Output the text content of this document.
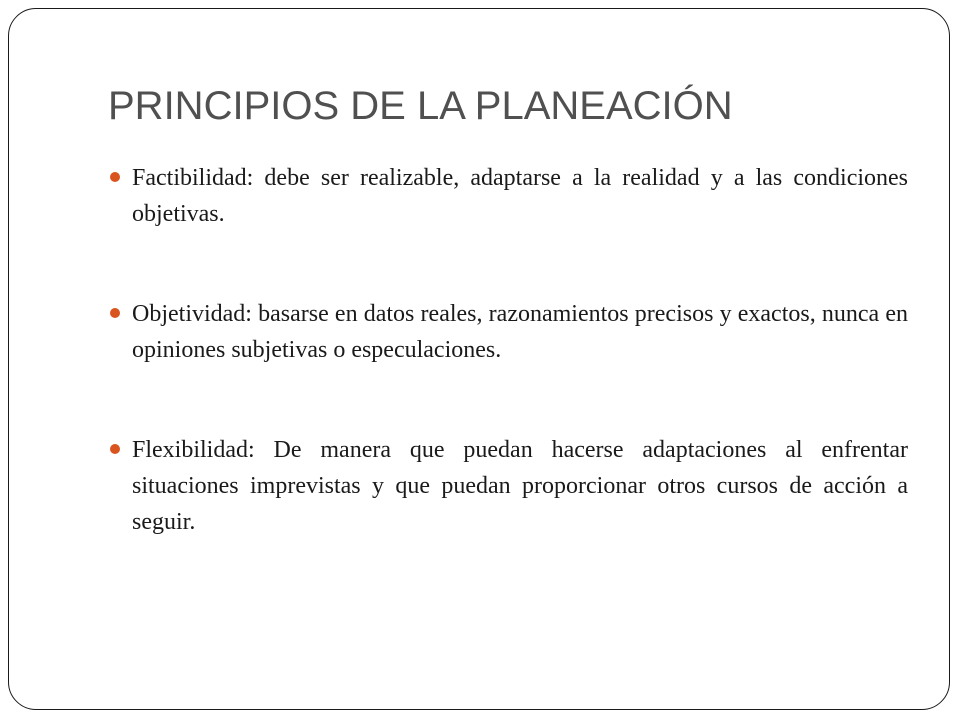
PRINCIPIOS DE LA PLANEACIÓN
Factibilidad: debe ser realizable, adaptarse a la realidad y a las condiciones objetivas.
Objetividad: basarse en datos reales, razonamientos precisos y exactos, nunca en opiniones subjetivas o especulaciones.
Flexibilidad: De manera que puedan hacerse adaptaciones al enfrentar situaciones imprevistas y que puedan proporcionar otros cursos de acción a seguir.
